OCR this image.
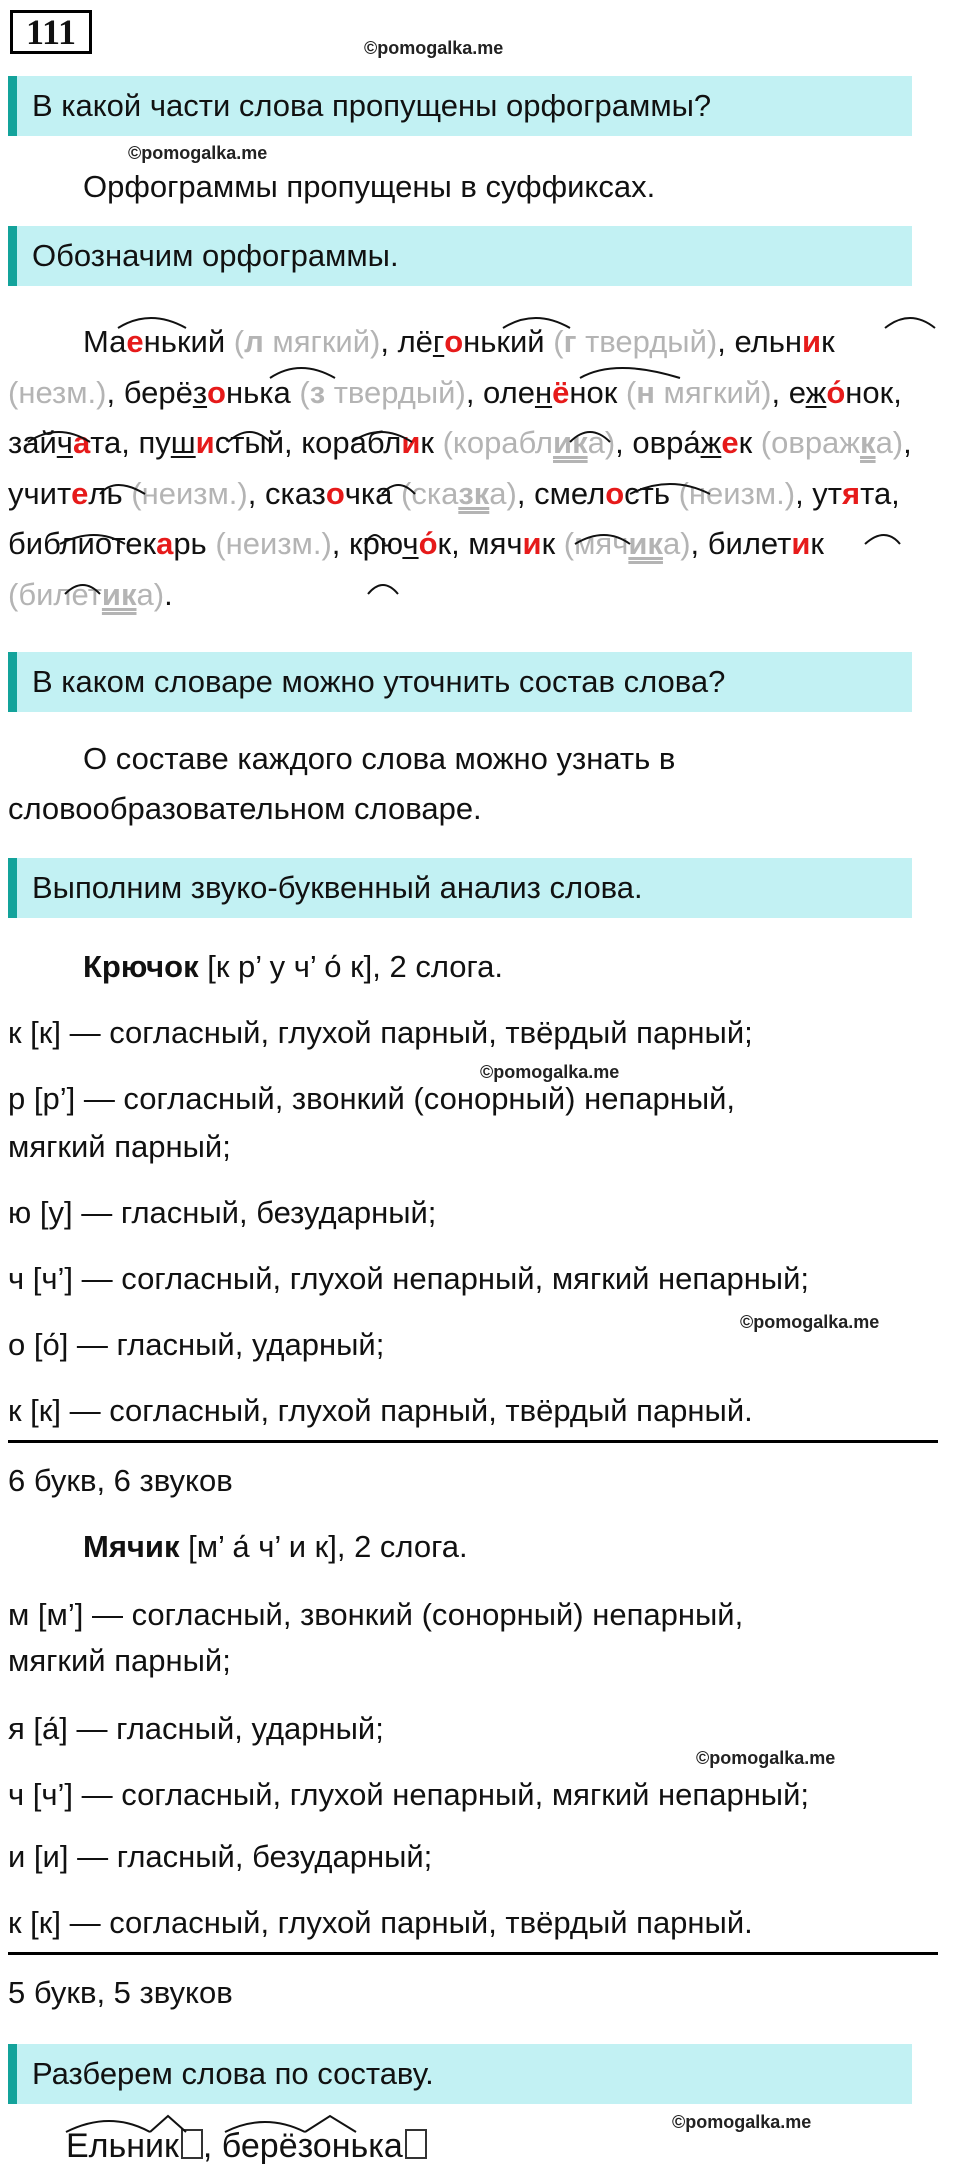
111	©pomogalka.me
В какой части слова пропущены орфограммы?
©pomogalka.me
Орфограммы пропущены в суффиксах.
Обозначим орфограммы.
Маенький (л мягкий), лёгонький (г твердый), ельник (незм.), берёзонька (з твердый), оленёнок (н мягкий), ежо́нок, зайчата, пушистый, кораблик (кораблика), овра́жек (овражка), учитель (неизм.), сказочка (сказка), смелость (неизм.), утята, библиотекарь (неизм.), крючо́к, мячик (мячика), билетик (билетика).
В каком словаре можно уточнить состав слова?
О составе каждого слова можно узнать в словообразовательном словаре.
Выполним звуко-буквенный анализ слова.
Крючок [к р’ у ч’ о́ к], 2 слога.
к [к] — согласный, глухой парный, твёрдый парный;
©pomogalka.me
р [р’] — согласный, звонкий (сонорный) непарный,
мягкий парный;
ю [у] — гласный, безударный;
ч [ч’] — согласный, глухой непарный, мягкий непарный;
©pomogalka.me
о [о́] — гласный, ударный;
к [к] — согласный, глухой парный, твёрдый парный.
6 букв, 6 звуков
Мячик [м’ а́ ч’ и к], 2 слога.
м [м’] — согласный, звонкий (сонорный) непарный,
мягкий парный;
я [а́] — гласный, ударный;
©pomogalka.me
ч [ч’] — согласный, глухой непарный, мягкий непарный;
и [и] — гласный, безударный;
к [к] — согласный, глухой парный, твёрдый парный.
5 букв, 5 звуков
Разберем слова по составу.
©pomogalka.me
Ельник , берёзонька
